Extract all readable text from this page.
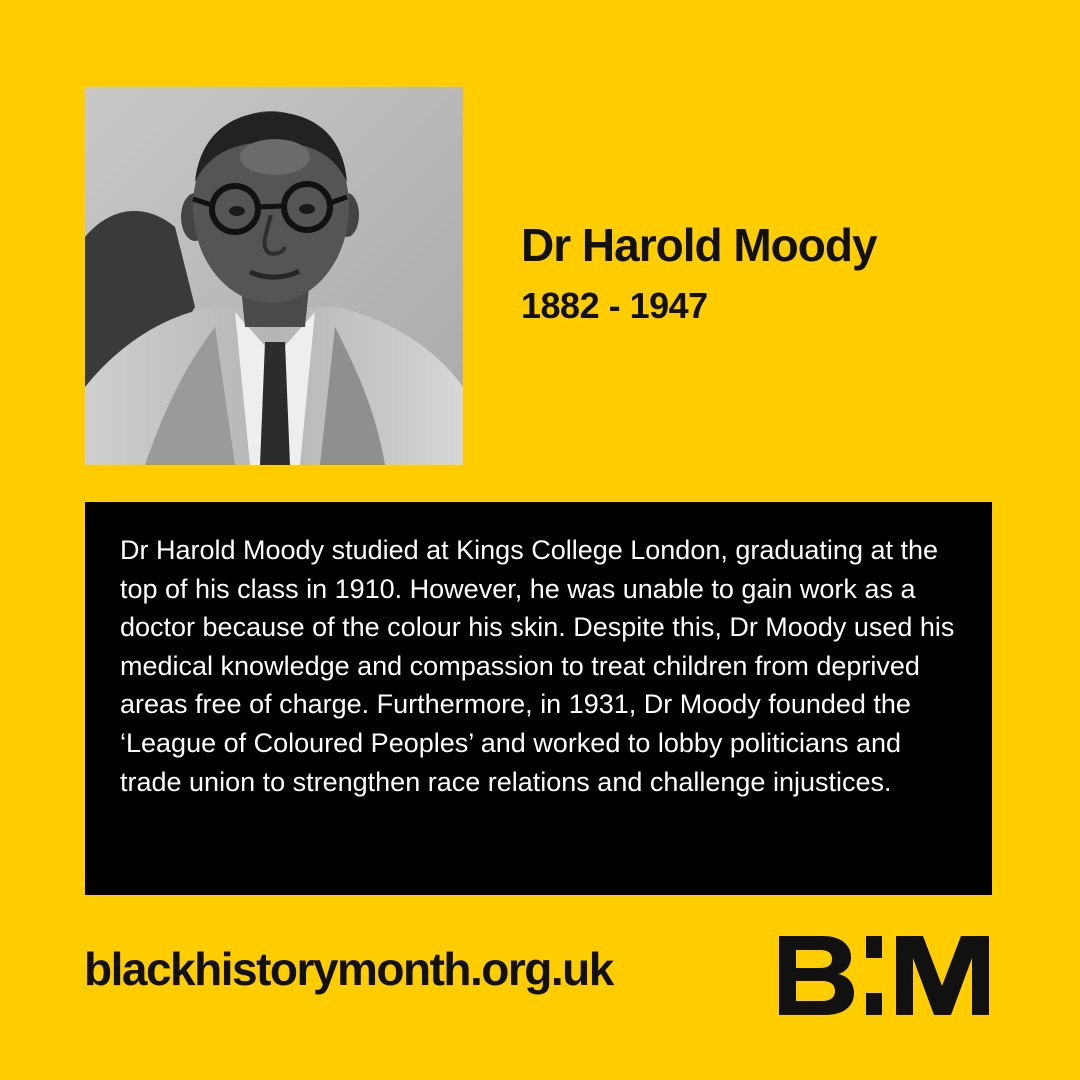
Dr Harold Moody
1882 - 1947

Dr Harold Moody studied at Kings College London, graduating at the top of his class in 1910. However, he was unable to gain work as a doctor because of the colour his skin. Despite this, Dr Moody used his medical knowledge and compassion to treat children from deprived areas free of charge. Furthermore, in 1931, Dr Moody founded the ‘League of Coloured Peoples’ and worked to lobby politicians and trade union to strengthen race relations and challenge injustices.

blackhistorymonth.org.uk
